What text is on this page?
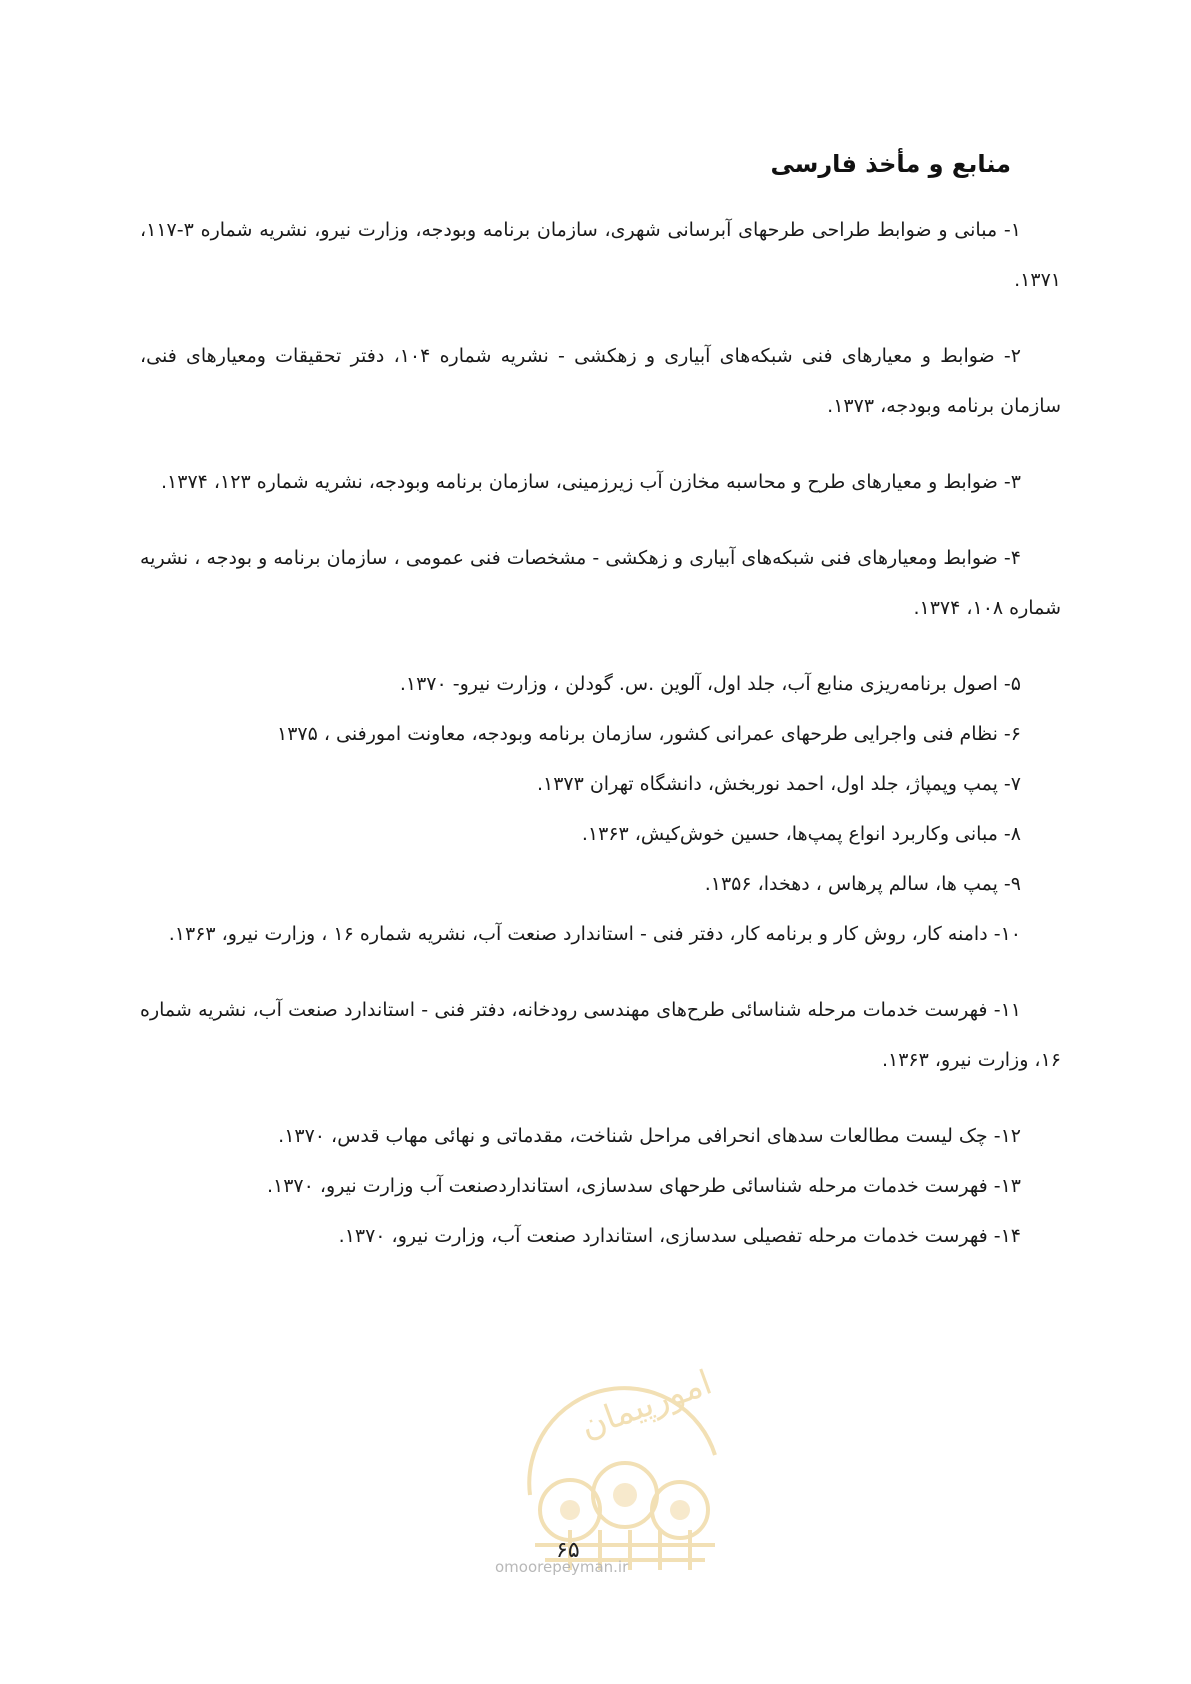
منابع و مأخذ فارسی

۱- مبانی و ضوابط طراحی طرحهای آبرسانی شهری، سازمان برنامه وبودجه، وزارت نیرو، نشریه شماره ۳-۱۱۷، ۱۳۷۱.

۲- ضوابط و معیارهای فنی شبکه‌های آبیاری و زهکشی - نشریه شماره ۱۰۴، دفتر تحقیقات ومعیارهای فنی، سازمان برنامه وبودجه، ۱۳۷۳.

۳- ضوابط و معیارهای طرح و محاسبه مخازن آب زیرزمینی، سازمان برنامه وبودجه، نشریه شماره ۱۲۳، ۱۳۷۴.

۴- ضوابط ومعیارهای فنی شبکه‌های آبیاری و زهکشی - مشخصات فنی عمومی ، سازمان برنامه و بودجه ، نشریه شماره ۱۰۸، ۱۳۷۴.

۵- اصول برنامه‌ریزی منابع آب، جلد اول، آلوین .س. گودلن ، وزارت نیرو- ۱۳۷۰.

۶- نظام فنی واجرایی طرحهای عمرانی کشور، سازمان برنامه وبودجه، معاونت امورفنی ، ۱۳۷۵

۷- پمپ وپمپاژ، جلد اول، احمد نوربخش، دانشگاه تهران ۱۳۷۳.

۸- مبانی وکاربرد انواع پمپ‌ها، حسین خوش‌کیش، ۱۳۶۳.

۹- پمپ ها، سالم پرهاس ، دهخدا، ۱۳۵۶.

۱۰- دامنه کار، روش کار و برنامه کار، دفتر فنی - استاندارد صنعت آب، نشریه شماره ۱۶ ، وزارت نیرو، ۱۳۶۳.

۱۱- فهرست خدمات مرحله شناسائی طرح‌های مهندسی رودخانه، دفتر فنی - استاندارد صنعت آب، نشریه شماره ۱۶، وزارت نیرو، ۱۳۶۳.

۱۲- چک لیست مطالعات سدهای انحرافی مراحل شناخت، مقدماتی و نهائی مهاب قدس، ۱۳۷۰.

۱۳- فهرست خدمات مرحله شناسائی طرحهای سدسازی، استانداردصنعت آب وزارت نیرو، ۱۳۷۰.

۱۴- فهرست خدمات مرحله تفصیلی سدسازی، استاندارد صنعت آب، وزارت نیرو، ۱۳۷۰.

امورپیمان
۶۵
omoorepeyman.ir
